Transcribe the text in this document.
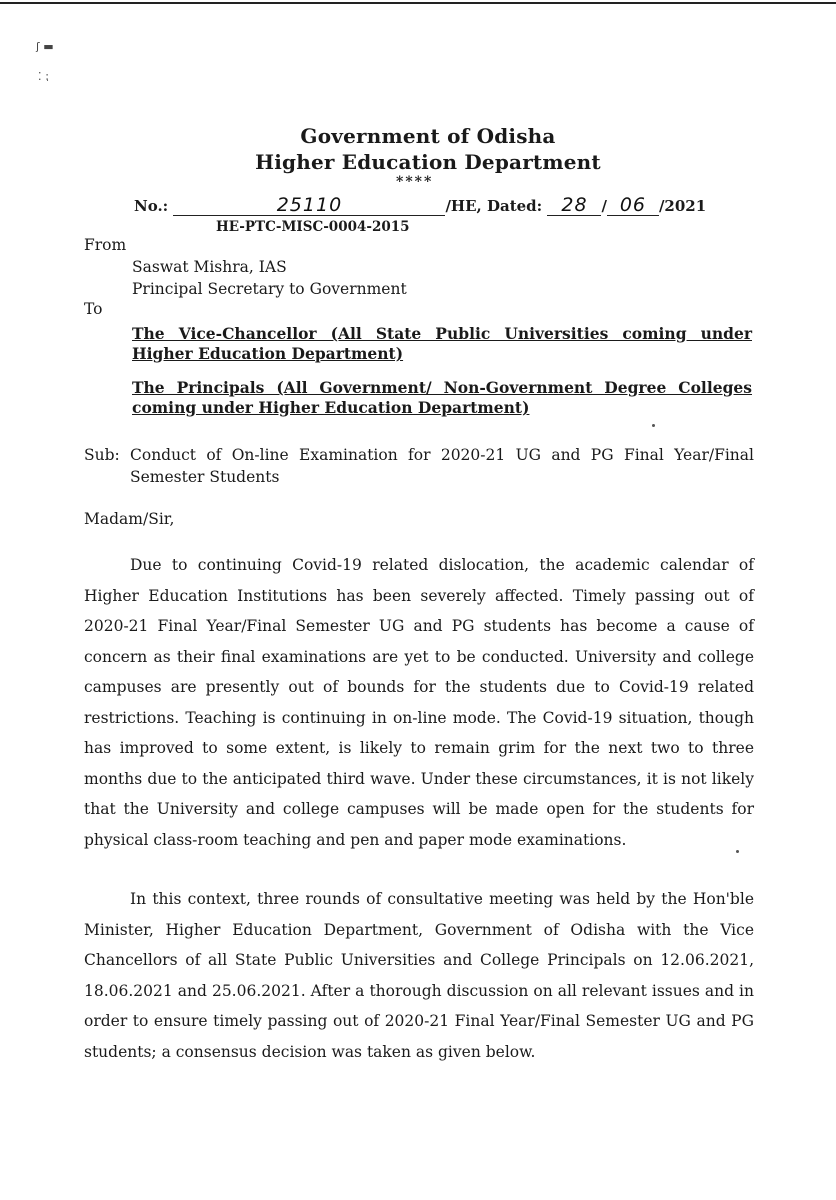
ʃ ▬
⁚ ⁏
Government of Odisha
Higher Education Department
****
No.:	25110	/HE, Dated: 28 / 06 /2021
HE-PTC-MISC-0004-2015
From
Saswat Mishra, IAS
Principal Secretary to Government
To
The Vice-Chancellor (All State Public Universities coming under Higher Education Department)
The Principals (All Government/ Non-Government Degree Colleges coming under Higher Education Department)
Sub: Conduct of On-line Examination for 2020-21 UG and PG Final Year/Final Semester Students
Madam/Sir,
Due to continuing Covid-19 related dislocation, the academic calendar of Higher Education Institutions has been severely affected. Timely passing out of 2020-21 Final Year/Final Semester UG and PG students has become a cause of concern as their final examinations are yet to be conducted. University and college campuses are presently out of bounds for the students due to Covid-19 related restrictions. Teaching is continuing in on-line mode. The Covid-19 situation, though has improved to some extent, is likely to remain grim for the next two to three months due to the anticipated third wave. Under these circumstances, it is not likely that the University and college campuses will be made open for the students for physical class-room teaching and pen and paper mode examinations.
In this context, three rounds of consultative meeting was held by the Hon'ble Minister, Higher Education Department, Government of Odisha with the Vice Chancellors of all State Public Universities and College Principals on 12.06.2021, 18.06.2021 and 25.06.2021. After a thorough discussion on all relevant issues and in order to ensure timely passing out of 2020-21 Final Year/Final Semester UG and PG students; a consensus decision was taken as given below.
